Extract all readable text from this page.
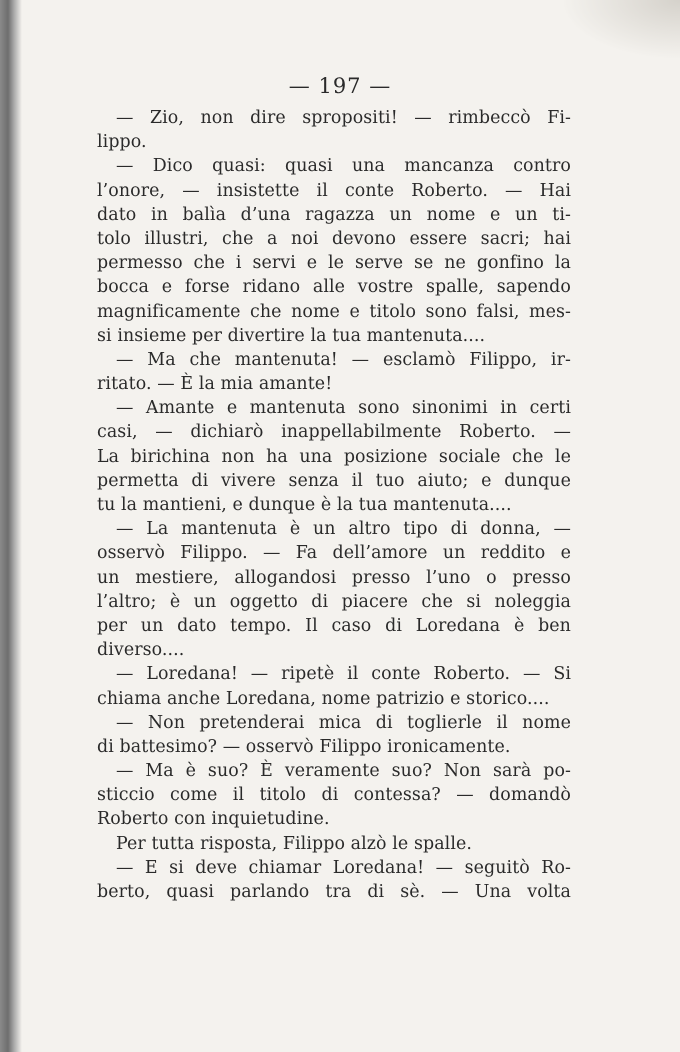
— 197 —
— Zio, non dire spropositi! — rimbeccò Fi-
lippo.
— Dico quasi: quasi una mancanza contro
l’onore, — insistette il conte Roberto. — Hai
dato in balìa d’una ragazza un nome e un ti-
tolo illustri, che a noi devono essere sacri; hai
permesso che i servi e le serve se ne gonfino la
bocca e forse ridano alle vostre spalle, sapendo
magnificamente che nome e titolo sono falsi, mes-
si insieme per divertire la tua mantenuta....
— Ma che mantenuta! — esclamò Filippo, ir-
ritato. — È la mia amante!
— Amante e mantenuta sono sinonimi in certi
casi, — dichiarò inappellabilmente Roberto. —
La birichina non ha una posizione sociale che le
permetta di vivere senza il tuo aiuto; e dunque
tu la mantieni, e dunque è la tua mantenuta....
— La mantenuta è un altro tipo di donna, —
osservò Filippo. — Fa dell’amore un reddito e
un mestiere, allogandosi presso l’uno o presso
l’altro; è un oggetto di piacere che si noleggia
per un dato tempo. Il caso di Loredana è ben
diverso....
— Loredana! — ripetè il conte Roberto. — Si
chiama anche Loredana, nome patrizio e storico....
— Non pretenderai mica di toglierle il nome
di battesimo? — osservò Filippo ironicamente.
— Ma è suo? È veramente suo? Non sarà po-
sticcio come il titolo di contessa? — domandò
Roberto con inquietudine.
Per tutta risposta, Filippo alzò le spalle.
— E si deve chiamar Loredana! — seguitò Ro-
berto, quasi parlando tra di sè. — Una volta
